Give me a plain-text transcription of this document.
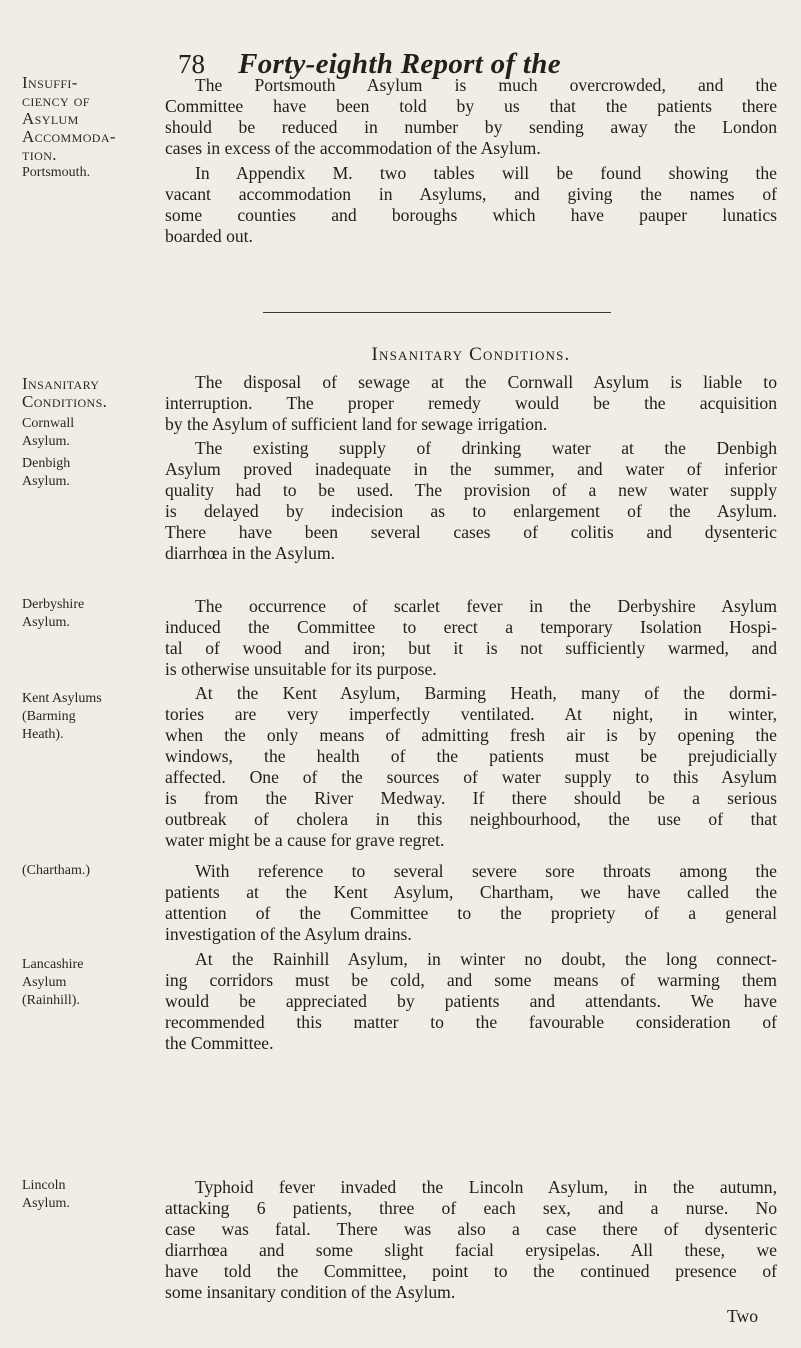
78 Forty-eighth Report of the
Insuffi-
ciency of
Asylum
Accommoda-
tion.
Portsmouth.
Insanitary
Conditions.
Cornwall
Asylum.
Denbigh
Asylum.
Derbyshire
Asylum.
Kent Asylums
(Barming
Heath).
(Chartham.)
Lancashire
Asylum
(Rainhill).
Lincoln
Asylum.
The Portsmouth Asylum is much overcrowded, and the
Committee have been told by us that the patients there
should be reduced in number by sending away the London
cases in excess of the accommodation of the Asylum.
In Appendix M. two tables will be found showing the
vacant accommodation in Asylums, and giving the names of
some counties and boroughs which have pauper lunatics
boarded out.
Insanitary Conditions.
The disposal of sewage at the Cornwall Asylum is liable to
interruption. The proper remedy would be the acquisition
by the Asylum of sufficient land for sewage irrigation.
The existing supply of drinking water at the Denbigh
Asylum proved inadequate in the summer, and water of inferior
quality had to be used. The provision of a new water supply
is delayed by indecision as to enlargement of the Asylum.
There have been several cases of colitis and dysenteric
diarrhœa in the Asylum.
The occurrence of scarlet fever in the Derbyshire Asylum
induced the Committee to erect a temporary Isolation Hospi-
tal of wood and iron; but it is not sufficiently warmed, and
is otherwise unsuitable for its purpose.
At the Kent Asylum, Barming Heath, many of the dormi-
tories are very imperfectly ventilated. At night, in winter,
when the only means of admitting fresh air is by opening the
windows, the health of the patients must be prejudicially
affected. One of the sources of water supply to this Asylum
is from the River Medway. If there should be a serious
outbreak of cholera in this neighbourhood, the use of that
water might be a cause for grave regret.
With reference to several severe sore throats among the
patients at the Kent Asylum, Chartham, we have called the
attention of the Committee to the propriety of a general
investigation of the Asylum drains.
At the Rainhill Asylum, in winter no doubt, the long connect-
ing corridors must be cold, and some means of warming them
would be appreciated by patients and attendants. We have
recommended this matter to the favourable consideration of
the Committee.
Typhoid fever invaded the Lincoln Asylum, in the autumn,
attacking 6 patients, three of each sex, and a nurse. No
case was fatal. There was also a case there of dysenteric
diarrhœa and some slight facial erysipelas. All these, we
have told the Committee, point to the continued presence of
some insanitary condition of the Asylum.
Two
